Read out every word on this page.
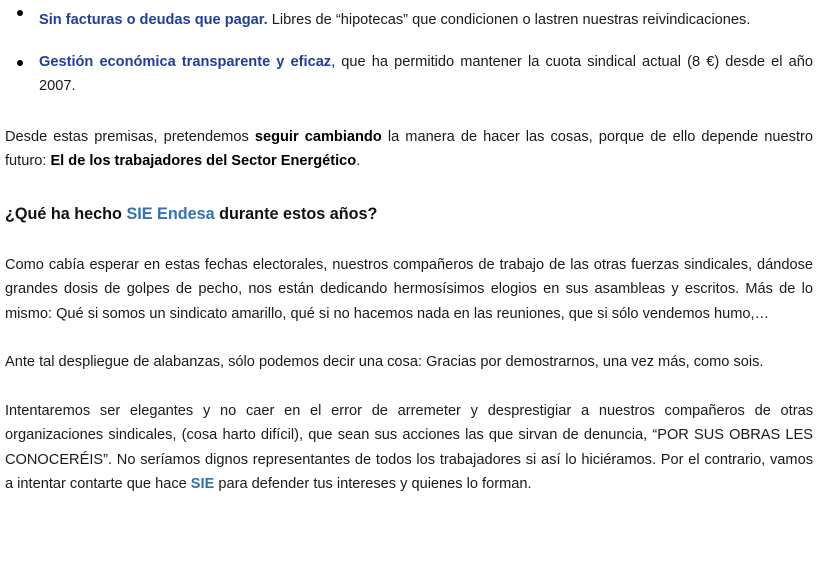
Sin facturas o deudas que pagar. Libres de “hipotecas” que condicionen o lastren nuestras reivindicaciones.
Gestión económica transparente y eficaz, que ha permitido mantener la cuota sindical actual (8 €) desde el año 2007.

Desde estas premisas, pretendemos seguir cambiando la manera de hacer las cosas, porque de ello depende nuestro futuro: El de los trabajadores del Sector Energético.

¿Qué ha hecho SIE Endesa durante estos años?

Como cabía esperar en estas fechas electorales, nuestros compañeros de trabajo de las otras fuerzas sindicales, dándose grandes dosis de golpes de pecho, nos están dedicando hermosísimos elogios en sus asambleas y escritos. Más de lo mismo: Qué si somos un sindicato amarillo, qué si no hacemos nada en las reuniones, que si sólo vendemos humo,…

Ante tal despliegue de alabanzas, sólo podemos decir una cosa: Gracias por demostrarnos, una vez más, como sois.

Intentaremos ser elegantes y no caer en el error de arremeter y desprestigiar a nuestros compañeros de otras organizaciones sindicales, (cosa harto difícil), que sean sus acciones las que sirvan de denuncia, “POR SUS OBRAS LES CONOCERÉIS”. No seríamos dignos representantes de todos los trabajadores si así lo hiciéramos. Por el contrario, vamos a intentar contarte que hace SIE para defender tus intereses y quienes lo forman.
